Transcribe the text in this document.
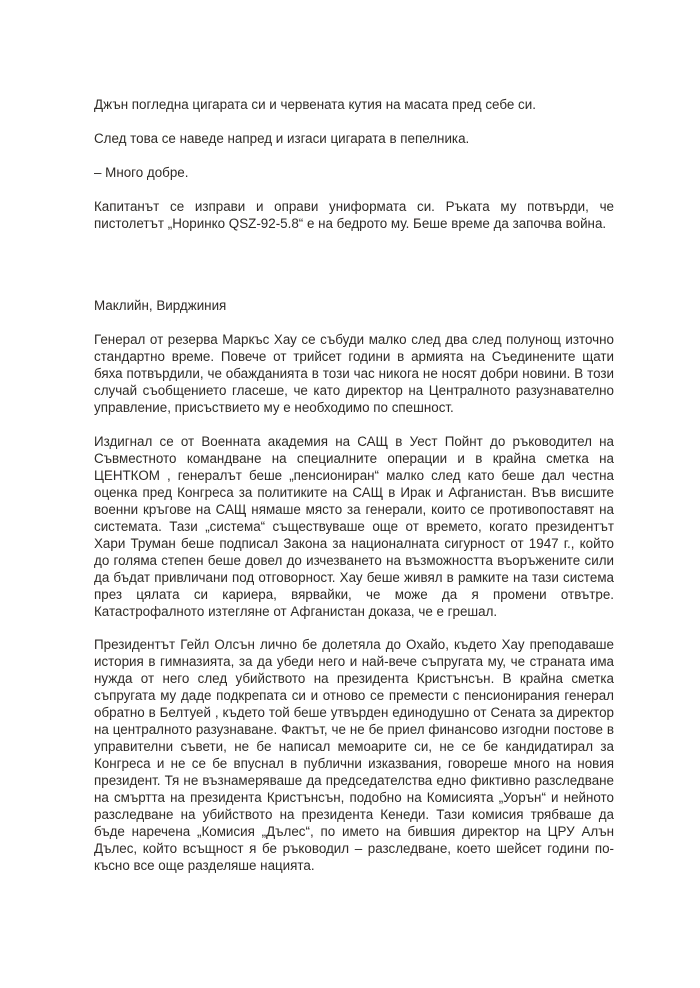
Джън погледна цигарата си и червената кутия на масата пред себе си.

След това се наведе напред и изгаси цигарата в пепелника.

– Много добре.

Капитанът се изправи и оправи униформата си. Ръката му потвърди, че пистолетът „Норинко QSZ-92-5.8“ е на бедрото му. Беше време да започва война.

Маклийн, Вирджиния

Генерал от резерва Маркъс Хау се събуди малко след два след полунощ източно стандартно време. Повече от трийсет години в армията на Съединените щати бяха потвърдили, че обажданията в този час никога не носят добри новини. В този случай съобщението гласеше, че като директор на Централното разузнавателно управление, присъствието му е необходимо по спешност.

Издигнал се от Военната академия на САЩ в Уест Пойнт до ръководител на Съвместното командване на специалните операции и в крайна сметка на ЦЕНТКОМ , генералът беше „пенсиониран“ малко след като беше дал честна оценка пред Конгреса за политиките на САЩ в Ирак и Афганистан. Във висшите военни кръгове на САЩ нямаше място за генерали, които се противопоставят на системата. Тази „система“ съществуваше още от времето, когато президентът Хари Труман беше подписал Закона за националната сигурност от 1947 г., който до голяма степен беше довел до изчезването на възможността въоръжените сили да бъдат привличани под отговорност. Хау беше живял в рамките на тази система през цялата си кариера, вярвайки, че може да я промени отвътре. Катастрофалното изтегляне от Афганистан доказа, че е грешал.

Президентът Гейл Олсън лично бе долетяла до Охайо, където Хау преподаваше история в гимназията, за да убеди него и най-вече съпругата му, че страната има нужда от него след убийството на президента Кристънсън. В крайна сметка съпругата му даде подкрепата си и отново се премести с пенсионирания генерал обратно в Белтуей , където той беше утвърден единодушно от Сената за директор на централното разузнаване. Фактът, че не бе приел финансово изгодни постове в управителни съвети, не бе написал мемоарите си, не се бе кандидатирал за Конгреса и не се бе впуснал в публични изказвания, говореше много на новия президент. Тя не възнамеряваше да председателства едно фиктивно разследване на смъртта на президента Кристънсън, подобно на Комисията „Уорън“ и нейното разследване на убийството на президента Кенеди. Тази комисия трябваше да бъде наречена „Комисия „Дълес“, по името на бившия директор на ЦРУ Алън Дълес, който всъщност я бе ръководил – разследване, което шейсет години по-късно все още разделяше нацията.
